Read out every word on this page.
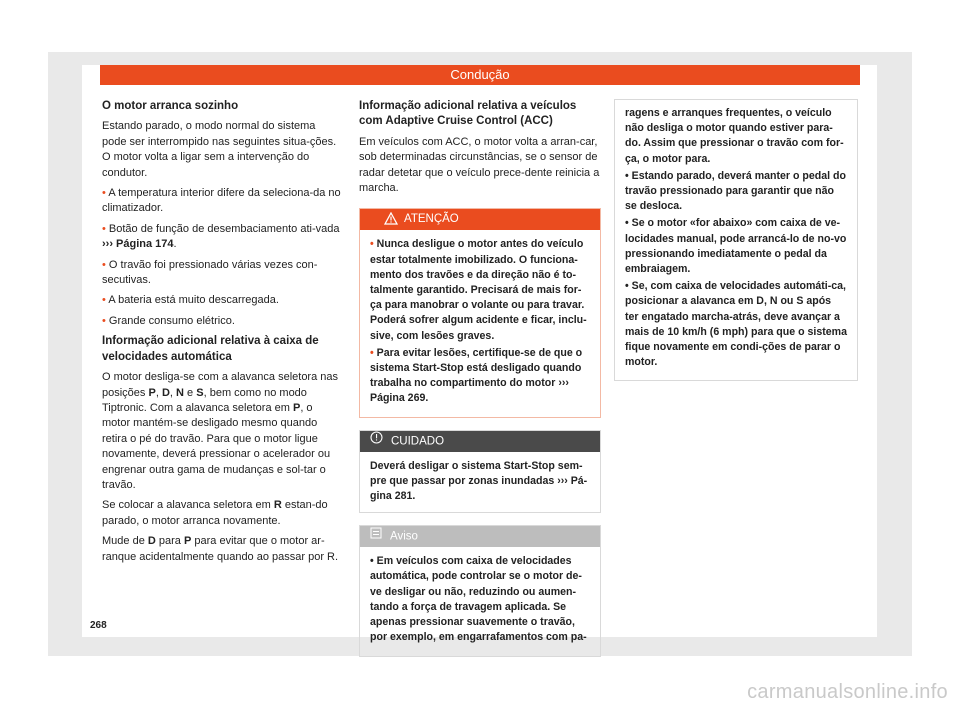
Condução

O motor arranca sozinho

Estando parado, o modo normal do sistema pode ser interrompido nas seguintes situa-ções. O motor volta a ligar sem a intervenção do condutor.

• A temperatura interior difere da seleciona-da no climatizador.

• Botão de função de desembaciamento ati-vada ››› Página 174.

• O travão foi pressionado várias vezes con-secutivas.

• A bateria está muito descarregada.

• Grande consumo elétrico.

Informação adicional relativa à caixa de velocidades automática

O motor desliga-se com a alavanca seletora nas posições P, D, N e S, bem como no modo Tiptronic. Com a alavanca seletora em P, o motor mantém-se desligado mesmo quando retira o pé do travão. Para que o motor ligue novamente, deverá pressionar o acelerador ou engrenar outra gama de mudanças e sol-tar o travão.

Se colocar a alavanca seletora em R estan-do parado, o motor arranca novamente.

Mude de D para P para evitar que o motor ar-ranque acidentalmente quando ao passar por R.

Informação adicional relativa a veículos com Adaptive Cruise Control (ACC)

Em veículos com ACC, o motor volta a arran-car, sob determinadas circunstâncias, se o sensor de radar detetar que o veículo prece-dente reinicia a marcha.

ATENÇÃO

• Nunca desligue o motor antes do veículo estar totalmente imobilizado. O funciona-mento dos travões e da direção não é to-talmente garantido. Precisará de mais for-ça para manobrar o volante ou para travar. Poderá sofrer algum acidente e ficar, inclu-sive, com lesões graves.

• Para evitar lesões, certifique-se de que o sistema Start-Stop está desligado quando trabalha no compartimento do motor ››› Página 269.

CUIDADO
Deverá desligar o sistema Start-Stop sem-pre que passar por zonas inundadas ››› Pá-gina 281.
Aviso

• Em veículos com caixa de velocidades automática, pode controlar se o motor de-ve desligar ou não, reduzindo ou aumen-tando a força de travagem aplicada. Se apenas pressionar suavemente o travão, por exemplo, em engarrafamentos com pa-

ragens e arranques frequentes, o veículo não desliga o motor quando estiver para-do. Assim que pressionar o travão com for-ça, o motor para.

• Estando parado, deverá manter o pedal do travão pressionado para garantir que não se desloca.

• Se o motor «for abaixo» com caixa de ve-locidades manual, pode arrancá-lo de no-vo pressionando imediatamente o pedal da embraiagem.

• Se, com caixa de velocidades automáti-ca, posicionar a alavanca em D, N ou S após ter engatado marcha-atrás, deve avançar a mais de 10 km/h (6 mph) para que o sistema fique novamente em condi-ções de parar o motor.

268
carmanualsonline.info
